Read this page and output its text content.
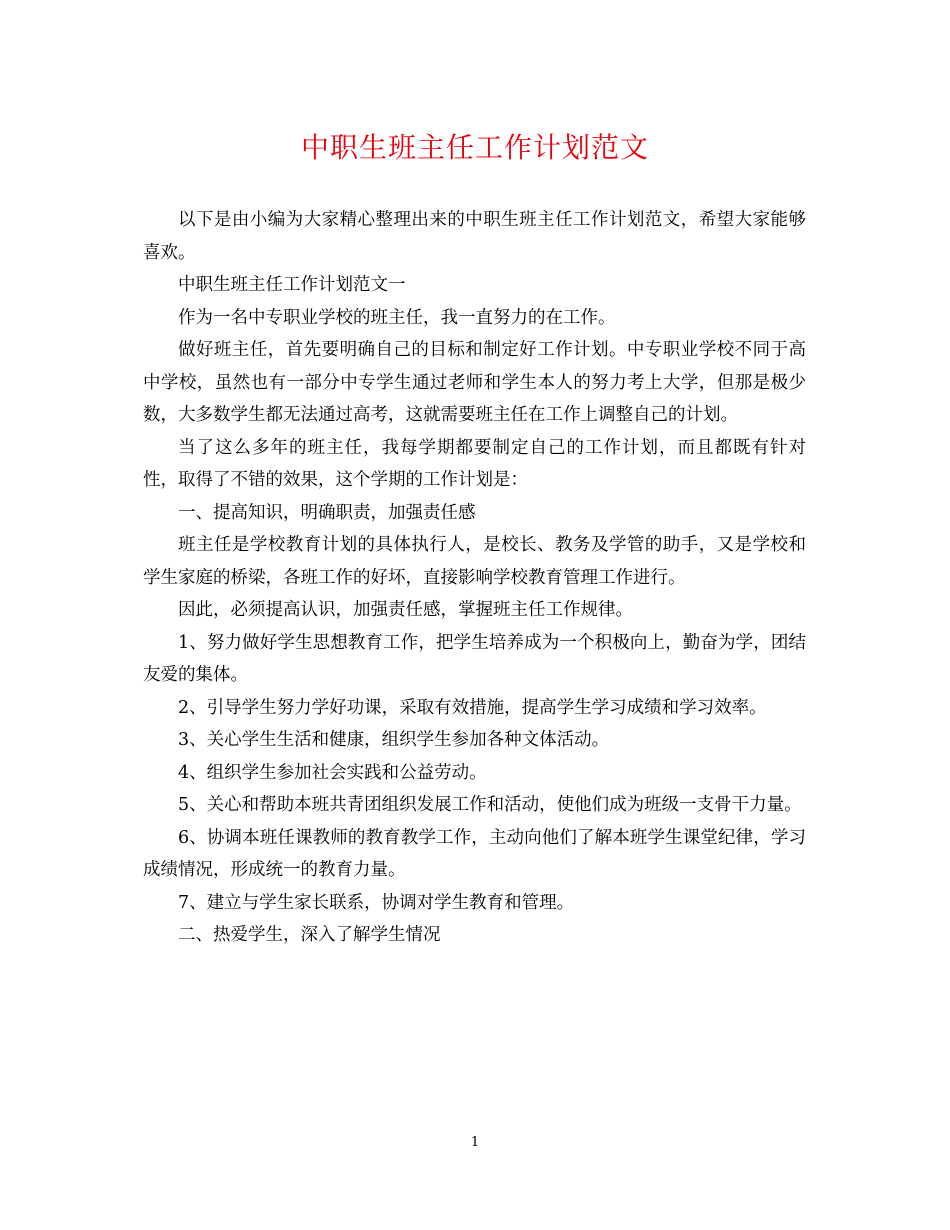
中职生班主任工作计划范文

以下是由小编为大家精心整理出来的中职生班主任工作计划范文，希望大家能够喜欢。

中职生班主任工作计划范文一

作为一名中专职业学校的班主任，我一直努力的在工作。

做好班主任，首先要明确自己的目标和制定好工作计划。中专职业学校不同于高中学校，虽然也有一部分中专学生通过老师和学生本人的努力考上大学，但那是极少数，大多数学生都无法通过高考，这就需要班主任在工作上调整自己的计划。

当了这么多年的班主任，我每学期都要制定自己的工作计划，而且都既有针对性，取得了不错的效果，这个学期的工作计划是：

一、提高知识，明确职责，加强责任感

班主任是学校教育计划的具体执行人，是校长、教务及学管的助手，又是学校和学生家庭的桥梁，各班工作的好坏，直接影响学校教育管理工作进行。

因此，必须提高认识，加强责任感，掌握班主任工作规律。

1、努力做好学生思想教育工作，把学生培养成为一个积极向上，勤奋为学，团结友爱的集体。

2、引导学生努力学好功课，采取有效措施，提高学生学习成绩和学习效率。

3、关心学生生活和健康，组织学生参加各种文体活动。

4、组织学生参加社会实践和公益劳动。

5、关心和帮助本班共青团组织发展工作和活动，使他们成为班级一支骨干力量。

6、协调本班任课教师的教育教学工作，主动向他们了解本班学生课堂纪律，学习成绩情况，形成统一的教育力量。

7、建立与学生家长联系，协调对学生教育和管理。

二、热爱学生，深入了解学生情况

1
